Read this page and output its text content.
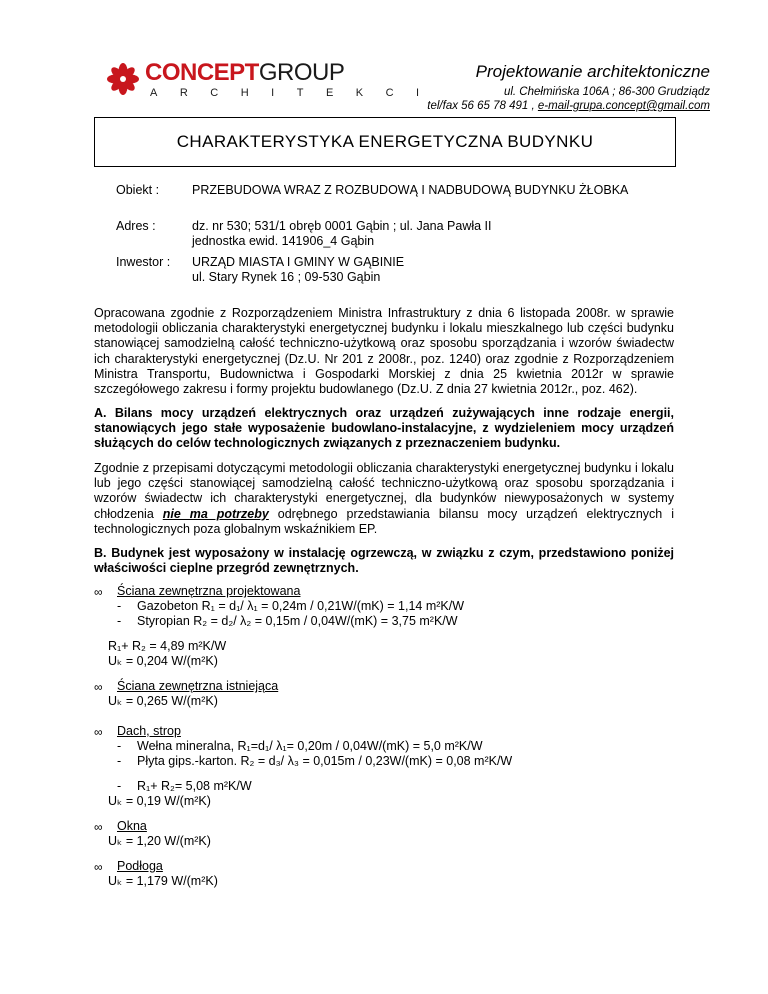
CONCEPTGROUP
ARCHITEKCI
Projektowanie architektoniczne
ul. Chełmińska 106A ; 86-300 Grudziądz
tel/fax 56 65 78 491 , e-mail-grupa.concept@gmail.com
CHARAKTERYSTYKA ENERGETYCZNA BUDYNKU
Obiekt :	PRZEBUDOWA WRAZ Z ROZBUDOWĄ I NADBUDOWĄ BUDYNKU ŻŁOBKA
Adres :	dz. nr 530; 531/1 obręb 0001 Gąbin ; ul. Jana Pawła II
jednostka ewid. 141906_4 Gąbin
Inwestor : URZĄD MIASTA I GMINY W GĄBINIE
ul. Stary Rynek 16 ; 09-530 Gąbin
Opracowana zgodnie z Rozporządzeniem Ministra Infrastruktury z dnia 6 listopada 2008r. w sprawie metodologii obliczania charakterystyki energetycznej budynku i lokalu mieszkalnego lub części budynku stanowiącej samodzielną całość techniczno-użytkową oraz sposobu sporządzania i wzorów świadectw ich charakterystyki energetycznej (Dz.U. Nr 201 z 2008r., poz. 1240) oraz zgodnie z Rozporządzeniem Ministra Transportu, Budownictwa i Gospodarki Morskiej z dnia 25 kwietnia 2012r w sprawie szczegółowego zakresu i formy projektu budowlanego (Dz.U. Z dnia 27 kwietnia 2012r., poz. 462).
A. Bilans mocy urządzeń elektrycznych oraz urządzeń zużywających inne rodzaje energii, stanowiących jego stałe wyposażenie budowlano-instalacyjne, z wydzieleniem mocy urządzeń służących do celów technologicznych związanych z przeznaczeniem budynku.
Zgodnie z przepisami dotyczącymi metodologii obliczania charakterystyki energetycznej budynku i lokalu lub jego części stanowiącej samodzielną całość techniczno-użytkową oraz sposobu sporządzania i wzorów świadectw ich charakterystyki energetycznej, dla budynków niewyposażonych w systemy chłodzenia nie ma potrzeby odrębnego przedstawiania bilansu mocy urządzeń elektrycznych i technologicznych poza globalnym wskaźnikiem EP.
B. Budynek jest wyposażony w instalację ogrzewczą, w związku z czym, przedstawiono poniżej właściwości cieplne przegród zewnętrznych.
∞ Ściana zewnętrzna projektowana
- Gazobeton R₁ = d₁/ λ₁ = 0,24m / 0,21W/(mK) = 1,14 m²K/W
- Styropian R₂ = d₂/ λ₂ = 0,15m / 0,04W/(mK) = 3,75 m²K/W
R₁+ R₂ = 4,89 m²K/W
Uₖ = 0,204 W/(m²K)
∞ Ściana zewnętrzna istniejąca
Uₖ = 0,265 W/(m²K)
∞ Dach, strop
- Wełna mineralna, R₁=d₁/ λ₁= 0,20m / 0,04W/(mK) = 5,0 m²K/W
- Płyta gips.-karton. R₂ = d₃/ λ₃ = 0,015m / 0,23W/(mK) = 0,08 m²K/W
- R₁+ R₂= 5,08 m²K/W
Uₖ = 0,19 W/(m²K)
∞ Okna
Uₖ = 1,20 W/(m²K)
∞ Podłoga
Uₖ = 1,179 W/(m²K)
